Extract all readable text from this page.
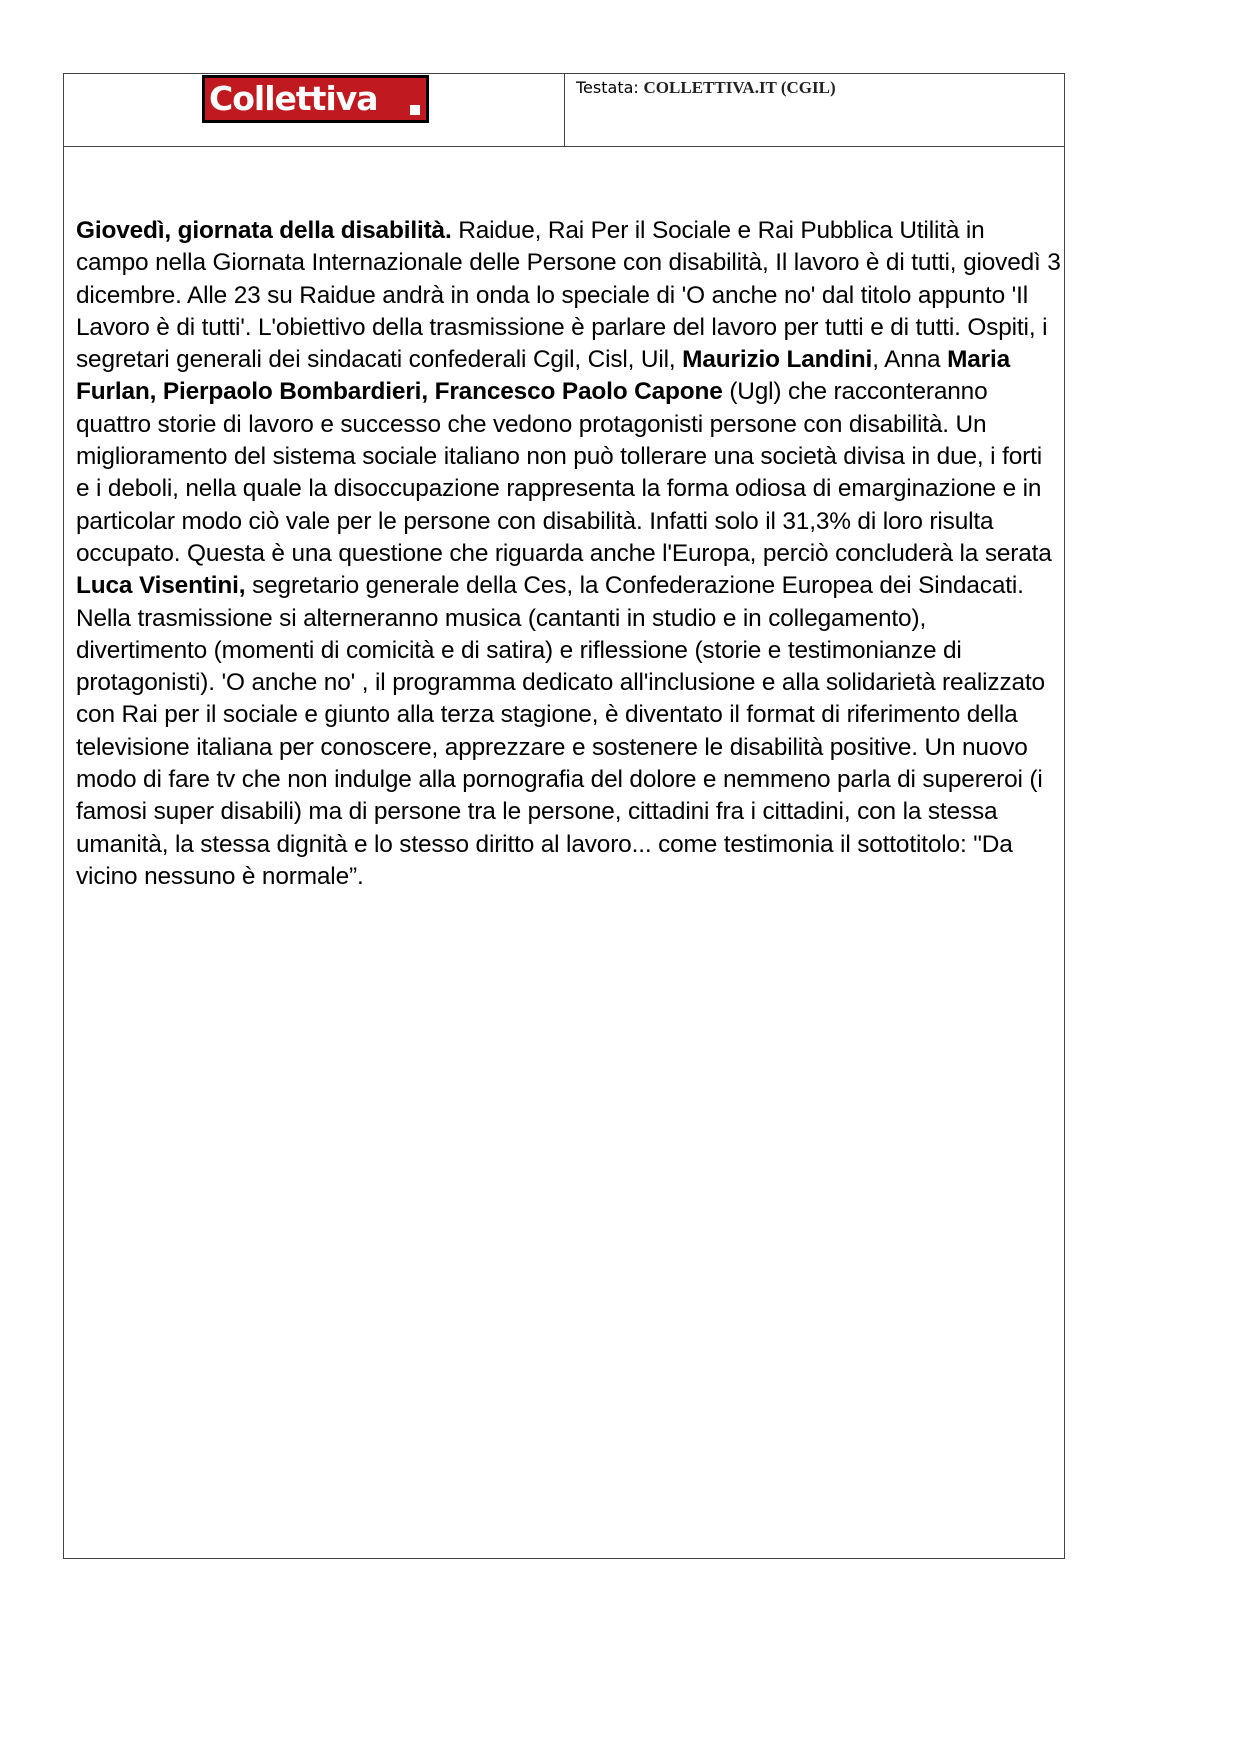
Collettiva	Testata: COLLETTIVA.IT (CGIL)

Giovedì, giornata della disabilità. Raidue, Rai Per il Sociale e Rai Pubblica Utilità in campo nella Giornata Internazionale delle Persone con disabilità, Il lavoro è di tutti, giovedì 3 dicembre. Alle 23 su Raidue andrà in onda lo speciale di 'O anche no' dal titolo appunto 'Il Lavoro è di tutti'. L'obiettivo della trasmissione è parlare del lavoro per tutti e di tutti. Ospiti, i segretari generali dei sindacati confederali Cgil, Cisl, Uil, Maurizio Landini, Anna Maria Furlan, Pierpaolo Bombardieri, Francesco Paolo Capone (Ugl) che racconteranno quattro storie di lavoro e successo che vedono protagonisti persone con disabilità. Un miglioramento del sistema sociale italiano non può tollerare una società divisa in due, i forti e i deboli, nella quale la disoccupazione rappresenta la forma odiosa di emarginazione e in particolar modo ciò vale per le persone con disabilità. Infatti solo il 31,3% di loro risulta occupato. Questa è una questione che riguarda anche l'Europa, perciò concluderà la serata Luca Visentini, segretario generale della Ces, la Confederazione Europea dei Sindacati. Nella trasmissione si alterneranno musica (cantanti in studio e in collegamento), divertimento (momenti di comicità e di satira) e riflessione (storie e testimonianze di protagonisti). 'O anche no' , il programma dedicato all'inclusione e alla solidarietà realizzato con Rai per il sociale e giunto alla terza stagione, è diventato il format di riferimento della televisione italiana per conoscere, apprezzare e sostenere le disabilità positive. Un nuovo modo di fare tv che non indulge alla pornografia del dolore e nemmeno parla di supereroi (i famosi super disabili) ma di persone tra le persone, cittadini fra i cittadini, con la stessa umanità, la stessa dignità e lo stesso diritto al lavoro... come testimonia il sottotitolo: "Da vicino nessuno è normale”.
